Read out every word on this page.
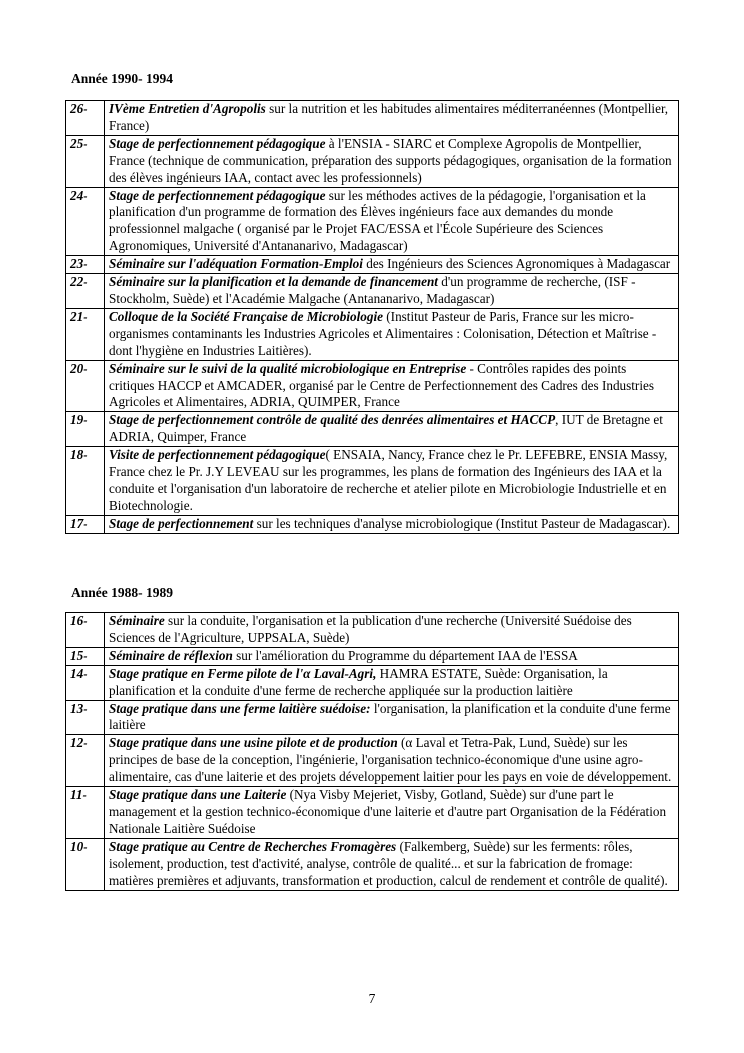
Année 1990- 1994
26-	IVème Entretien d'Agropolis sur la nutrition et les habitudes alimentaires méditerranéennes (Montpellier, France)
25-	Stage de perfectionnement pédagogique à l'ENSIA - SIARC et Complexe Agropolis de Montpellier, France (technique de communication, préparation des supports pédagogiques, organisation de la formation des élèves ingénieurs IAA, contact avec les professionnels)
24-	Stage de perfectionnement pédagogique sur les méthodes actives de la pédagogie, l'organisation et la planification d'un programme de formation des Élèves ingénieurs face aux demandes du monde professionnel malgache ( organisé par le Projet FAC/ESSA et l'École Supérieure des Sciences Agronomiques, Université d'Antananarivo, Madagascar)
23-	Séminaire sur l'adéquation Formation-Emploi des Ingénieurs des Sciences Agronomiques à Madagascar
22-	Séminaire sur la planification et la demande de financement d'un programme de recherche, (ISF - Stockholm, Suède) et l'Académie Malgache (Antananarivo, Madagascar)
21-	Colloque de la Société Française de Microbiologie (Institut Pasteur de Paris, France sur les micro-organismes contaminants les Industries Agricoles et Alimentaires : Colonisation, Détection et Maîtrise - dont l'hygiène en Industries Laitières).
20-	Séminaire sur le suivi de la qualité microbiologique en Entreprise - Contrôles rapides des points critiques HACCP et AMCADER, organisé par le Centre de Perfectionnement des Cadres des Industries Agricoles et Alimentaires, ADRIA, QUIMPER, France
19-	Stage de perfectionnement contrôle de qualité des denrées alimentaires et HACCP, IUT de Bretagne et ADRIA, Quimper, France
18-	Visite de perfectionnement pédagogique( ENSAIA, Nancy, France chez le Pr. LEFEBRE, ENSIA Massy, France chez le Pr. J.Y LEVEAU sur les programmes, les plans de formation des Ingénieurs des IAA et la conduite et l'organisation d'un laboratoire de recherche et atelier pilote en Microbiologie Industrielle et en Biotechnologie.
17-	Stage de perfectionnement sur les techniques d'analyse microbiologique (Institut Pasteur de Madagascar).
Année 1988- 1989
16-	Séminaire sur la conduite, l'organisation et la publication d'une recherche (Université Suédoise des Sciences de l'Agriculture, UPPSALA, Suède)
15-	Séminaire de réflexion sur l'amélioration du Programme du département IAA de l'ESSA
14-	Stage pratique en Ferme pilote de l'α Laval-Agri, HAMRA ESTATE, Suède: Organisation, la planification et la conduite d'une ferme de recherche appliquée sur la production laitière
13-	Stage pratique dans une ferme laitière suédoise: l'organisation, la planification et la conduite d'une ferme laitière
12-	Stage pratique dans une usine pilote et de production (α Laval et Tetra-Pak, Lund, Suède) sur les principes de base de la conception, l'ingénierie, l'organisation technico-économique d'une usine agro-alimentaire, cas d'une laiterie et des projets développement laitier pour les pays en voie de développement.
11-	Stage pratique dans une Laiterie (Nya Visby Mejeriet, Visby, Gotland, Suède) sur d'une part le management et la gestion technico-économique d'une laiterie et d'autre part Organisation de la Fédération Nationale Laitière Suédoise
10-	Stage pratique au Centre de Recherches Fromagères (Falkemberg, Suède) sur les ferments: rôles, isolement, production, test d'activité, analyse, contrôle de qualité... et sur la fabrication de fromage: matières premières et adjuvants, transformation et production, calcul de rendement et contrôle de qualité).
7
